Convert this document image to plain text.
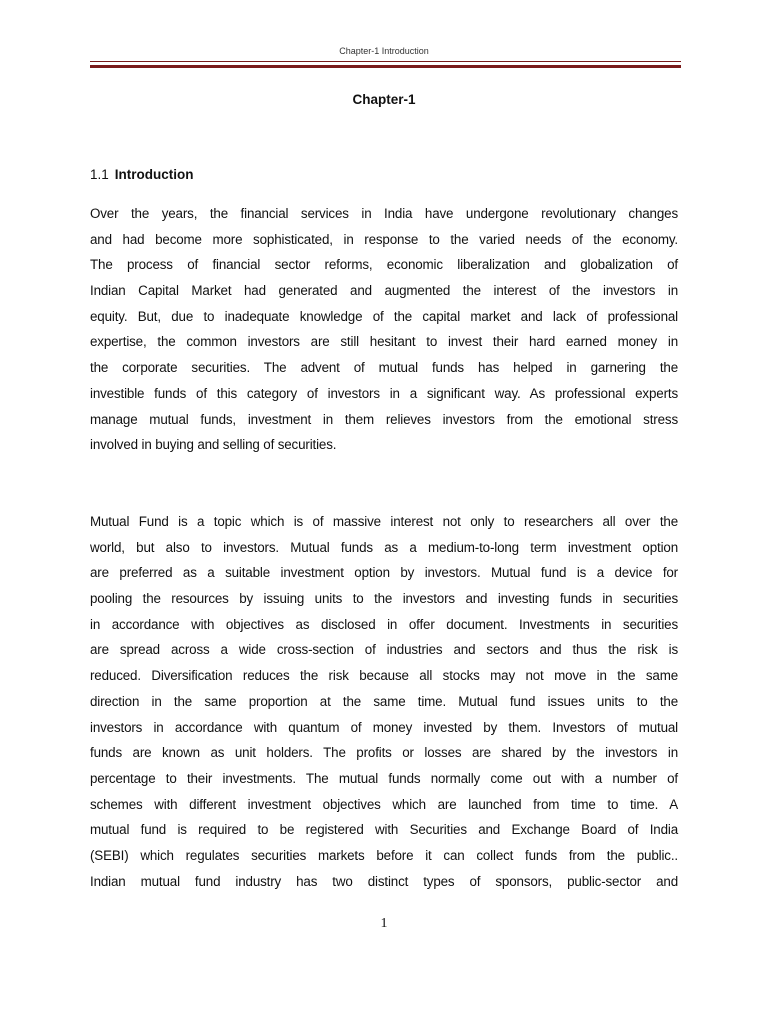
Chapter-1 Introduction
Chapter-1
1.1 Introduction
Over the years, the financial services in India have undergone revolutionary changes
and had become more sophisticated, in response to the varied needs of the economy.
The process of financial sector reforms, economic liberalization and globalization of
Indian Capital Market had generated and augmented the interest of the investors in
equity. But, due to inadequate knowledge of the capital market and lack of professional
expertise, the common investors are still hesitant to invest their hard earned money in
the corporate securities. The advent of mutual funds has helped in garnering the
investible funds of this category of investors in a significant way. As professional experts
manage mutual funds, investment in them relieves investors from the emotional stress
involved in buying and selling of securities.
Mutual Fund is a topic which is of massive interest not only to researchers all over the
world, but also to investors. Mutual funds as a medium-to-long term investment option
are preferred as a suitable investment option by investors. Mutual fund is a device for
pooling the resources by issuing units to the investors and investing funds in securities
in accordance with objectives as disclosed in offer document. Investments in securities
are spread across a wide cross-section of industries and sectors and thus the risk is
reduced. Diversification reduces the risk because all stocks may not move in the same
direction in the same proportion at the same time. Mutual fund issues units to the
investors in accordance with quantum of money invested by them. Investors of mutual
funds are known as unit holders. The profits or losses are shared by the investors in
percentage to their investments. The mutual funds normally come out with a number of
schemes with different investment objectives which are launched from time to time. A
mutual fund is required to be registered with Securities and Exchange Board of India
(SEBI) which regulates securities markets before it can collect funds from the public..
Indian mutual fund industry has two distinct types of sponsors, public-sector and
1
